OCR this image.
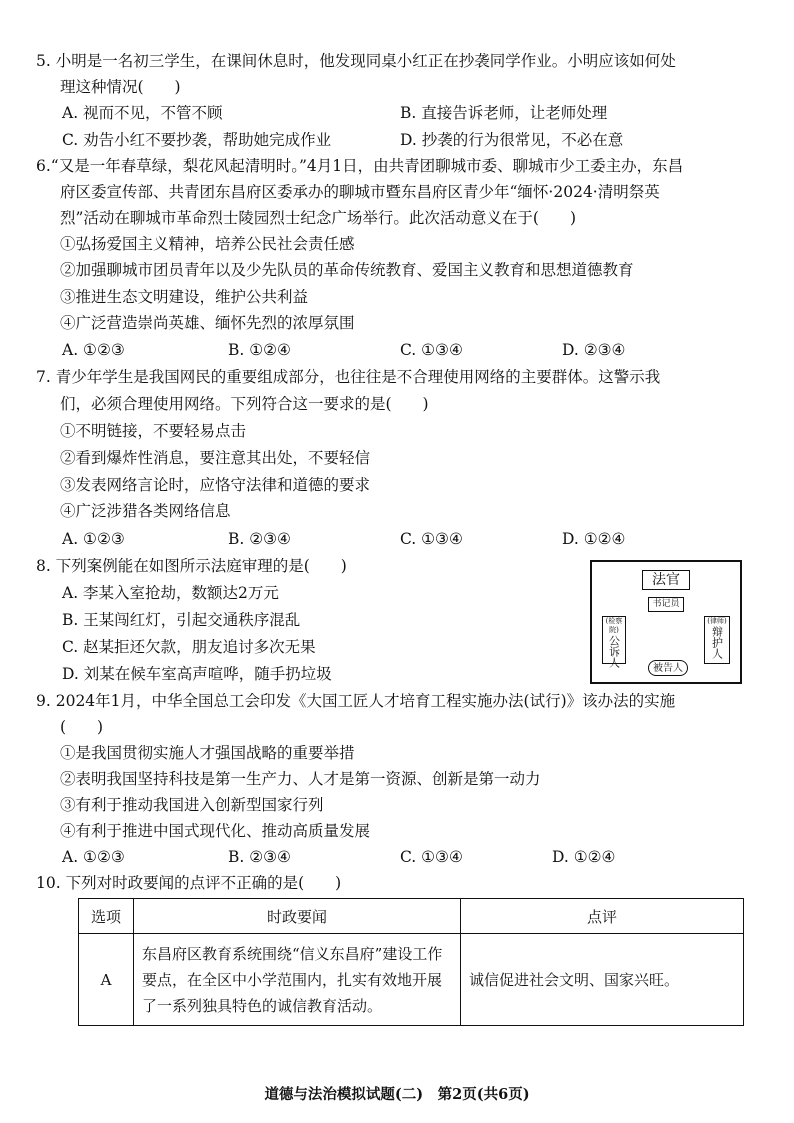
5. 小明是一名初三学生，在课间休息时，他发现同桌小红正在抄袭同学作业。小明应该如何处
理这种情况(　　)
A. 视而不见，不管不顾	B. 直接告诉老师，让老师处理
C. 劝告小红不要抄袭，帮助她完成作业	D. 抄袭的行为很常见，不必在意
6.“又是一年春草绿，梨花风起清明时。”4月1日，由共青团聊城市委、聊城市少工委主办，东昌
府区委宣传部、共青团东昌府区委承办的聊城市暨东昌府区青少年“缅怀·2024·清明祭英
烈”活动在聊城市革命烈士陵园烈士纪念广场举行。此次活动意义在于(　　)
①弘扬爱国主义精神，培养公民社会责任感
②加强聊城市团员青年以及少先队员的革命传统教育、爱国主义教育和思想道德教育
③推进生态文明建设，维护公共利益
④广泛营造崇尚英雄、缅怀先烈的浓厚氛围
A. ①②③	B. ①②④	C. ①③④	D. ②③④
7. 青少年学生是我国网民的重要组成部分，也往往是不合理使用网络的主要群体。这警示我
们，必须合理使用网络。下列符合这一要求的是(　　)
①不明链接，不要轻易点击
②看到爆炸性消息，要注意其出处，不要轻信
③发表网络言论时，应恪守法律和道德的要求
④广泛涉猎各类网络信息
A. ①②③	B. ②③④	C. ①③④	D. ①②④
8. 下列案例能在如图所示法庭审理的是(　　)
A. 李某入室抢劫，数额达2万元
B. 王某闯红灯，引起交通秩序混乱
C. 赵某拒还欠款，朋友追讨多次无果
D. 刘某在候车室高声喧哗，随手扔垃圾
法官
书记员
(检察院)
公诉人
(律师)
辩护人
被告人
9. 2024年1月，中华全国总工会印发《大国工匠人才培育工程实施办法(试行)》该办法的实施
(　　)
①是我国贯彻实施人才强国战略的重要举措
②表明我国坚持科技是第一生产力、人才是第一资源、创新是第一动力
③有利于推动我国进入创新型国家行列
④有利于推进中国式现代化、推动高质量发展
A. ①②③	B. ②③④	C. ①③④	D. ①②④
10. 下列对时政要闻的点评不正确的是(　　)
选项	时政要闻	点评
A	东昌府区教育系统围绕“信义东昌府”建设工作要点，在全区中小学范围内，扎实有效地开展了一系列独具特色的诚信教育活动。	诚信促进社会文明、国家兴旺。
道德与法治模拟试题(二)　第2页(共6页)
